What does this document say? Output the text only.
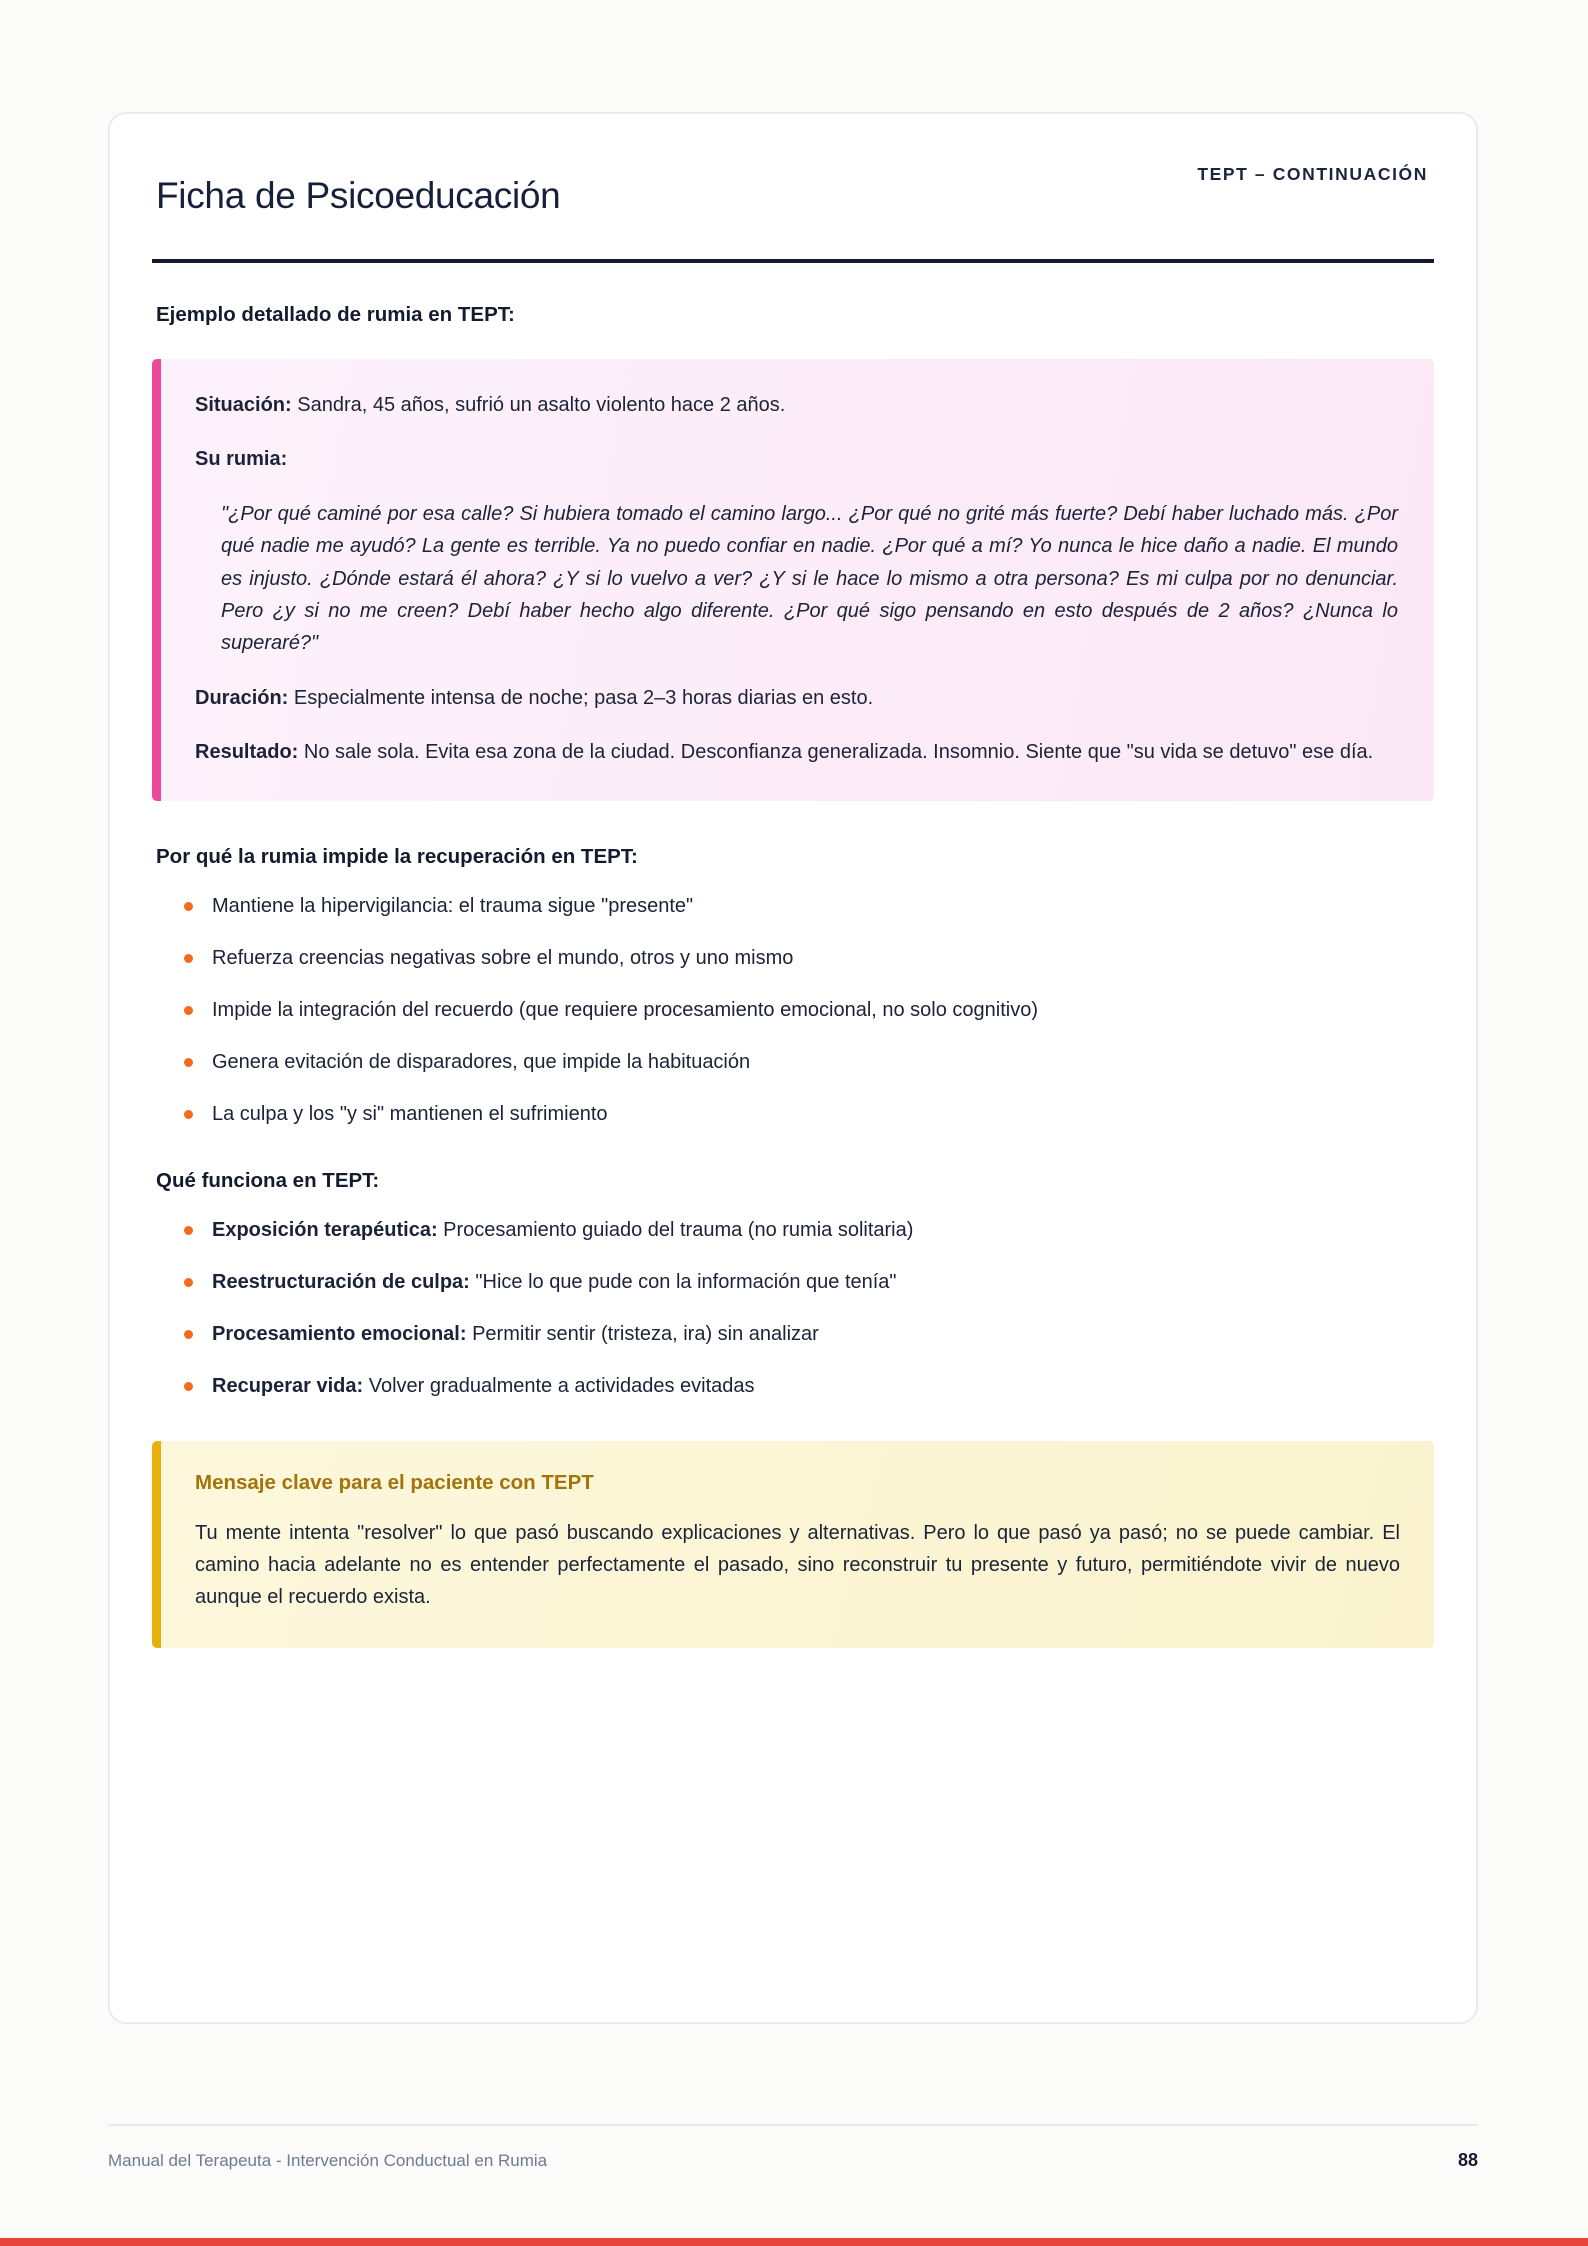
TEPT – CONTINUACIÓN
Ficha de Psicoeducación
Ejemplo detallado de rumia en TEPT:

Situación: Sandra, 45 años, sufrió un asalto violento hace 2 años.

Su rumia:

"¿Por qué caminé por esa calle? Si hubiera tomado el camino largo... ¿Por qué no grité más fuerte? Debí haber luchado más. ¿Por qué nadie me ayudó? La gente es terrible. Ya no puedo confiar en nadie. ¿Por qué a mí? Yo nunca le hice daño a nadie. El mundo es injusto. ¿Dónde estará él ahora? ¿Y si lo vuelvo a ver? ¿Y si le hace lo mismo a otra persona? Es mi culpa por no denunciar. Pero ¿y si no me creen? Debí haber hecho algo diferente. ¿Por qué sigo pensando en esto después de 2 años? ¿Nunca lo superaré?"

Duración: Especialmente intensa de noche; pasa 2–3 horas diarias en esto.

Resultado: No sale sola. Evita esa zona de la ciudad. Desconfianza generalizada. Insomnio. Siente que "su vida se detuvo" ese día.

Por qué la rumia impide la recuperación en TEPT:
Mantiene la hipervigilancia: el trauma sigue "presente"
Refuerza creencias negativas sobre el mundo, otros y uno mismo
Impide la integración del recuerdo (que requiere procesamiento emocional, no solo cognitivo)
Genera evitación de disparadores, que impide la habituación
La culpa y los "y si" mantienen el sufrimiento
Qué funciona en TEPT:
Exposición terapéutica: Procesamiento guiado del trauma (no rumia solitaria)
Reestructuración de culpa: "Hice lo que pude con la información que tenía"
Procesamiento emocional: Permitir sentir (tristeza, ira) sin analizar
Recuperar vida: Volver gradualmente a actividades evitadas

Mensaje clave para el paciente con TEPT

Tu mente intenta "resolver" lo que pasó buscando explicaciones y alternativas. Pero lo que pasó ya pasó; no se puede cambiar. El camino hacia adelante no es entender perfectamente el pasado, sino reconstruir tu presente y futuro, permitiéndote vivir de nuevo aunque el recuerdo exista.

Manual del Terapeuta - Intervención Conductual en Rumia	88
